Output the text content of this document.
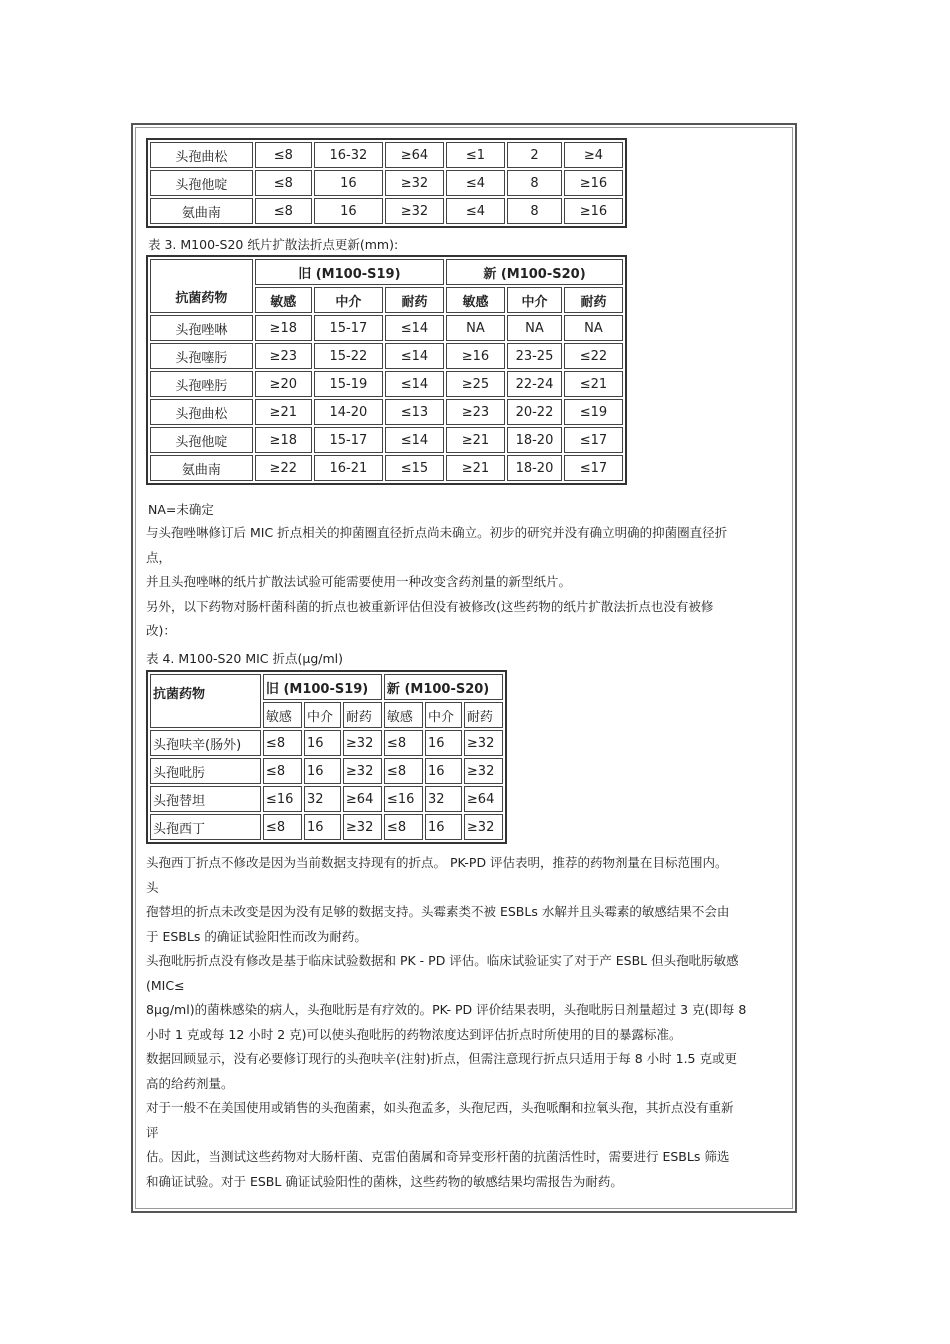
头孢曲松	≤8	16-32	≥64	≤1	2	≥4
头孢他啶	≤8	16	≥32	≤4	8	≥16
氨曲南	≤8	16	≥32	≤4	8	≥16
表 3. M100-S20 纸片扩散法折点更新(mm):
抗菌药物	旧 (M100-S19)			新 (M100-S20)		
	敏感	中介	耐药	敏感	中介	耐药
头孢唑啉	≥18	15-17	≤14	NA	NA	NA
头孢噻肟	≥23	15-22	≤14	≥16	23-25	≤22
头孢唑肟	≥20	15-19	≤14	≥25	22-24	≤21
头孢曲松	≥21	14-20	≤13	≥23	20-22	≤19
头孢他啶	≥18	15-17	≤14	≥21	18-20	≤17
氨曲南	≥22	16-21	≤15	≥21	18-20	≤17
NA=未确定
与头孢唑啉修订后 MIC 折点相关的抑菌圈直径折点尚未确立。初步的研究并没有确立明确的抑菌圈直径折
点，
并且头孢唑啉的纸片扩散法试验可能需要使用一种改变含药剂量的新型纸片。
另外，以下药物对肠杆菌科菌的折点也被重新评估但没有被修改(这些药物的纸片扩散法折点也没有被修
改)：
表 4. M100-S20 MIC 折点(μg/ml)
抗菌药物	旧 (M100-S19)			新 (M100-S20)		
	敏感	中介	耐药	敏感	中介	耐药
头孢呋辛(肠外)	≤8	16	≥32	≤8	16	≥32
头孢吡肟	≤8	16	≥32	≤8	16	≥32
头孢替坦	≤16	32	≥64	≤16	32	≥64
头孢西丁	≤8	16	≥32	≤8	16	≥32
头孢西丁折点不修改是因为当前数据支持现有的折点。 PK-PD 评估表明，推荐的药物剂量在目标范围内。
头
孢替坦的折点未改变是因为没有足够的数据支持。头霉素类不被 ESBLs 水解并且头霉素的敏感结果不会由
于 ESBLs 的确证试验阳性而改为耐药。
头孢吡肟折点没有修改是基于临床试验数据和 PK - PD 评估。临床试验证实了对于产 ESBL 但头孢吡肟敏感
(MIC≤
8μg/ml)的菌株感染的病人，头孢吡肟是有疗效的。PK- PD 评价结果表明，头孢吡肟日剂量超过 3 克(即每 8
小时 1 克或每 12 小时 2 克)可以使头孢吡肟的药物浓度达到评估折点时所使用的目的暴露标准。
数据回顾显示，没有必要修订现行的头孢呋辛(注射)折点，但需注意现行折点只适用于每 8 小时 1.5 克或更
高的给药剂量。
对于一般不在美国使用或销售的头孢菌素，如头孢孟多，头孢尼西，头孢哌酮和拉氧头孢，其折点没有重新
评
估。因此，当测试这些药物对大肠杆菌、克雷伯菌属和奇异变形杆菌的抗菌活性时，需要进行 ESBLs 筛选
和确证试验。对于 ESBL 确证试验阳性的菌株，这些药物的敏感结果均需报告为耐药。
